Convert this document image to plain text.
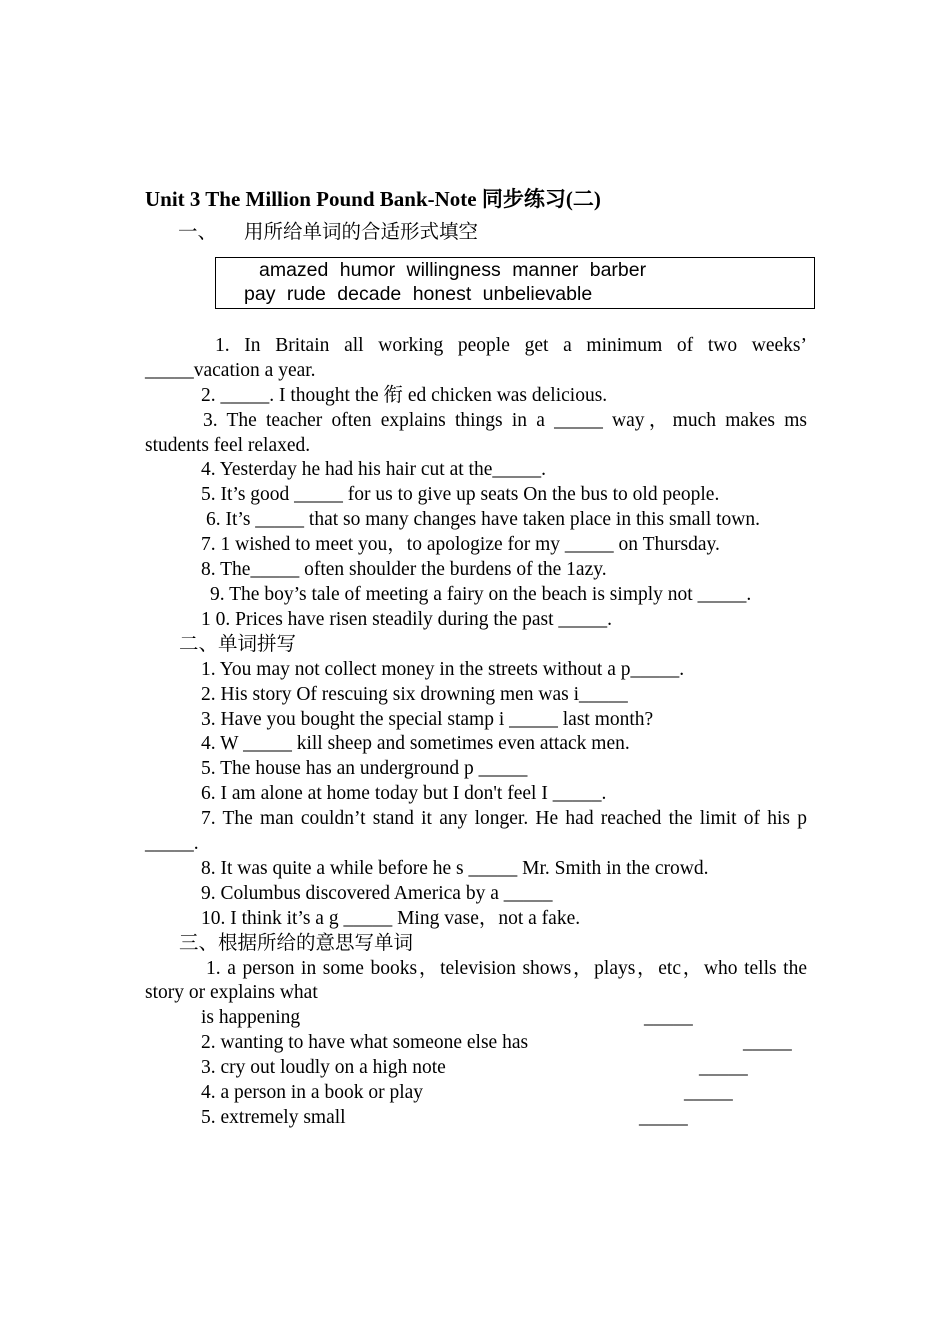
Unit 3 The Million Pound Bank-Note 同步练习(二)
一、 用所给单词的合适形式填空
amazed humor willingness manner barber
pay rude decade honest unbelievable
1. In Britain all working people get a minimum of two weeks’ _____vacation a year.
2. _____. I thought the 衔 ed chicken was delicious.
3. The teacher often explains things in a _____ way，much makes ms students feel relaxed.
4. Yesterday he had his hair cut at the_____.
5. It’s good _____ for us to give up seats On the bus to old people.
6. It’s _____ that so many changes have taken place in this small town.
7. 1 wished to meet you，to apologize for my _____ on Thursday.
8. The_____ often shoulder the burdens of the 1azy.
9. The boy’s tale of meeting a fairy on the beach is simply not _____.
1 0. Prices have risen steadily during the past _____.
二、单词拼写
1. You may not collect money in the streets without a p_____.
2. His story Of rescuing six drowning men was i_____
3. Have you bought the special stamp i _____ last month?
4. W _____ kill sheep and sometimes even attack men.
5. The house has an underground p _____
6. I am alone at home today but I don't feel I _____.
7. The man couldn’t stand it any longer. He had reached the limit of his p _____.
8. It was quite a while before he s _____ Mr. Smith in the crowd.
9. Columbus discovered America by a _____
10. I think it’s a g _____ Ming vase，not a fake.
三、根据所给的意思写单词
1. a person in some books，television shows，plays，etc，who tells the story or explains what
is happening	_____
2. wanting to have what someone else has	_____
3. cry out loudly on a high note	_____
4. a person in a book or play	_____
5. extremely small	_____
